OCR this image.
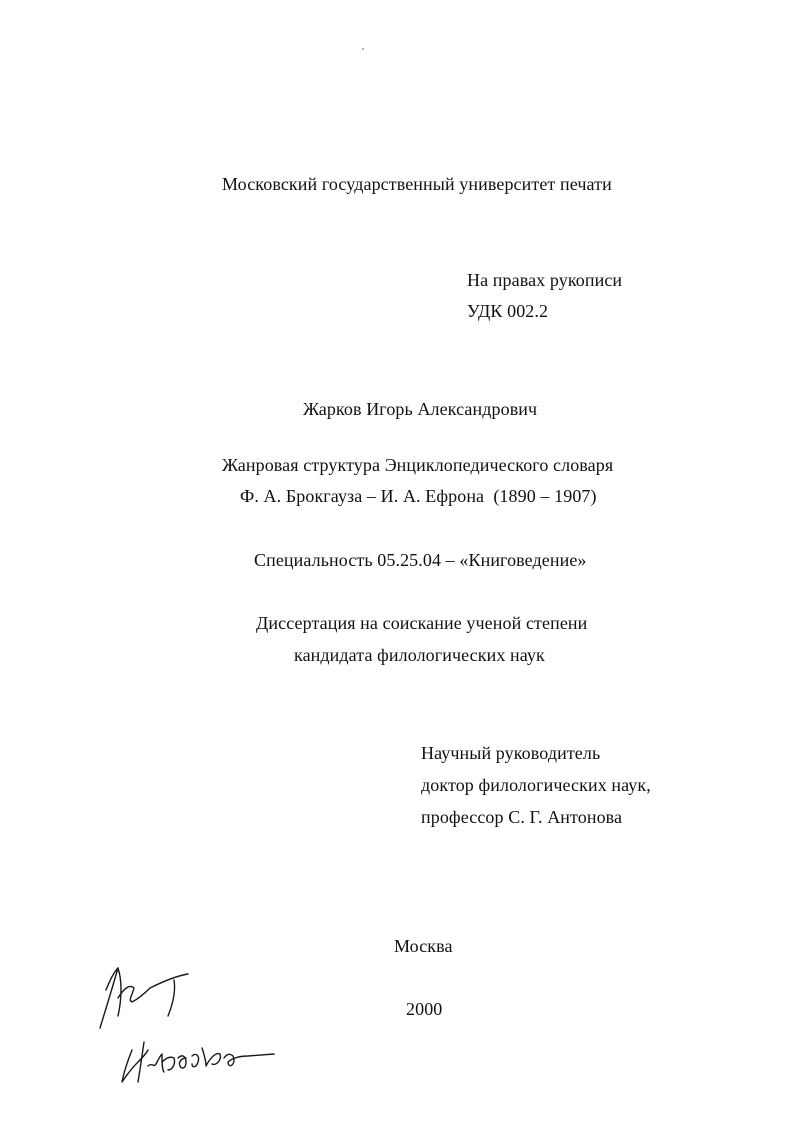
Московский государственный университет печати
На правах рукописи
УДК 002.2
Жарков Игорь Александрович
Жанровая структура Энциклопедического словаря
Ф. А. Брокгауза – И. А. Ефрона  (1890 – 1907)
Специальность 05.25.04 – «Книговедение»
Диссертация на соискание ученой степени
кандидата филологических наук
Научный руководитель
доктор филологических наук,
профессор С. Г. Антонова
Москва
2000
